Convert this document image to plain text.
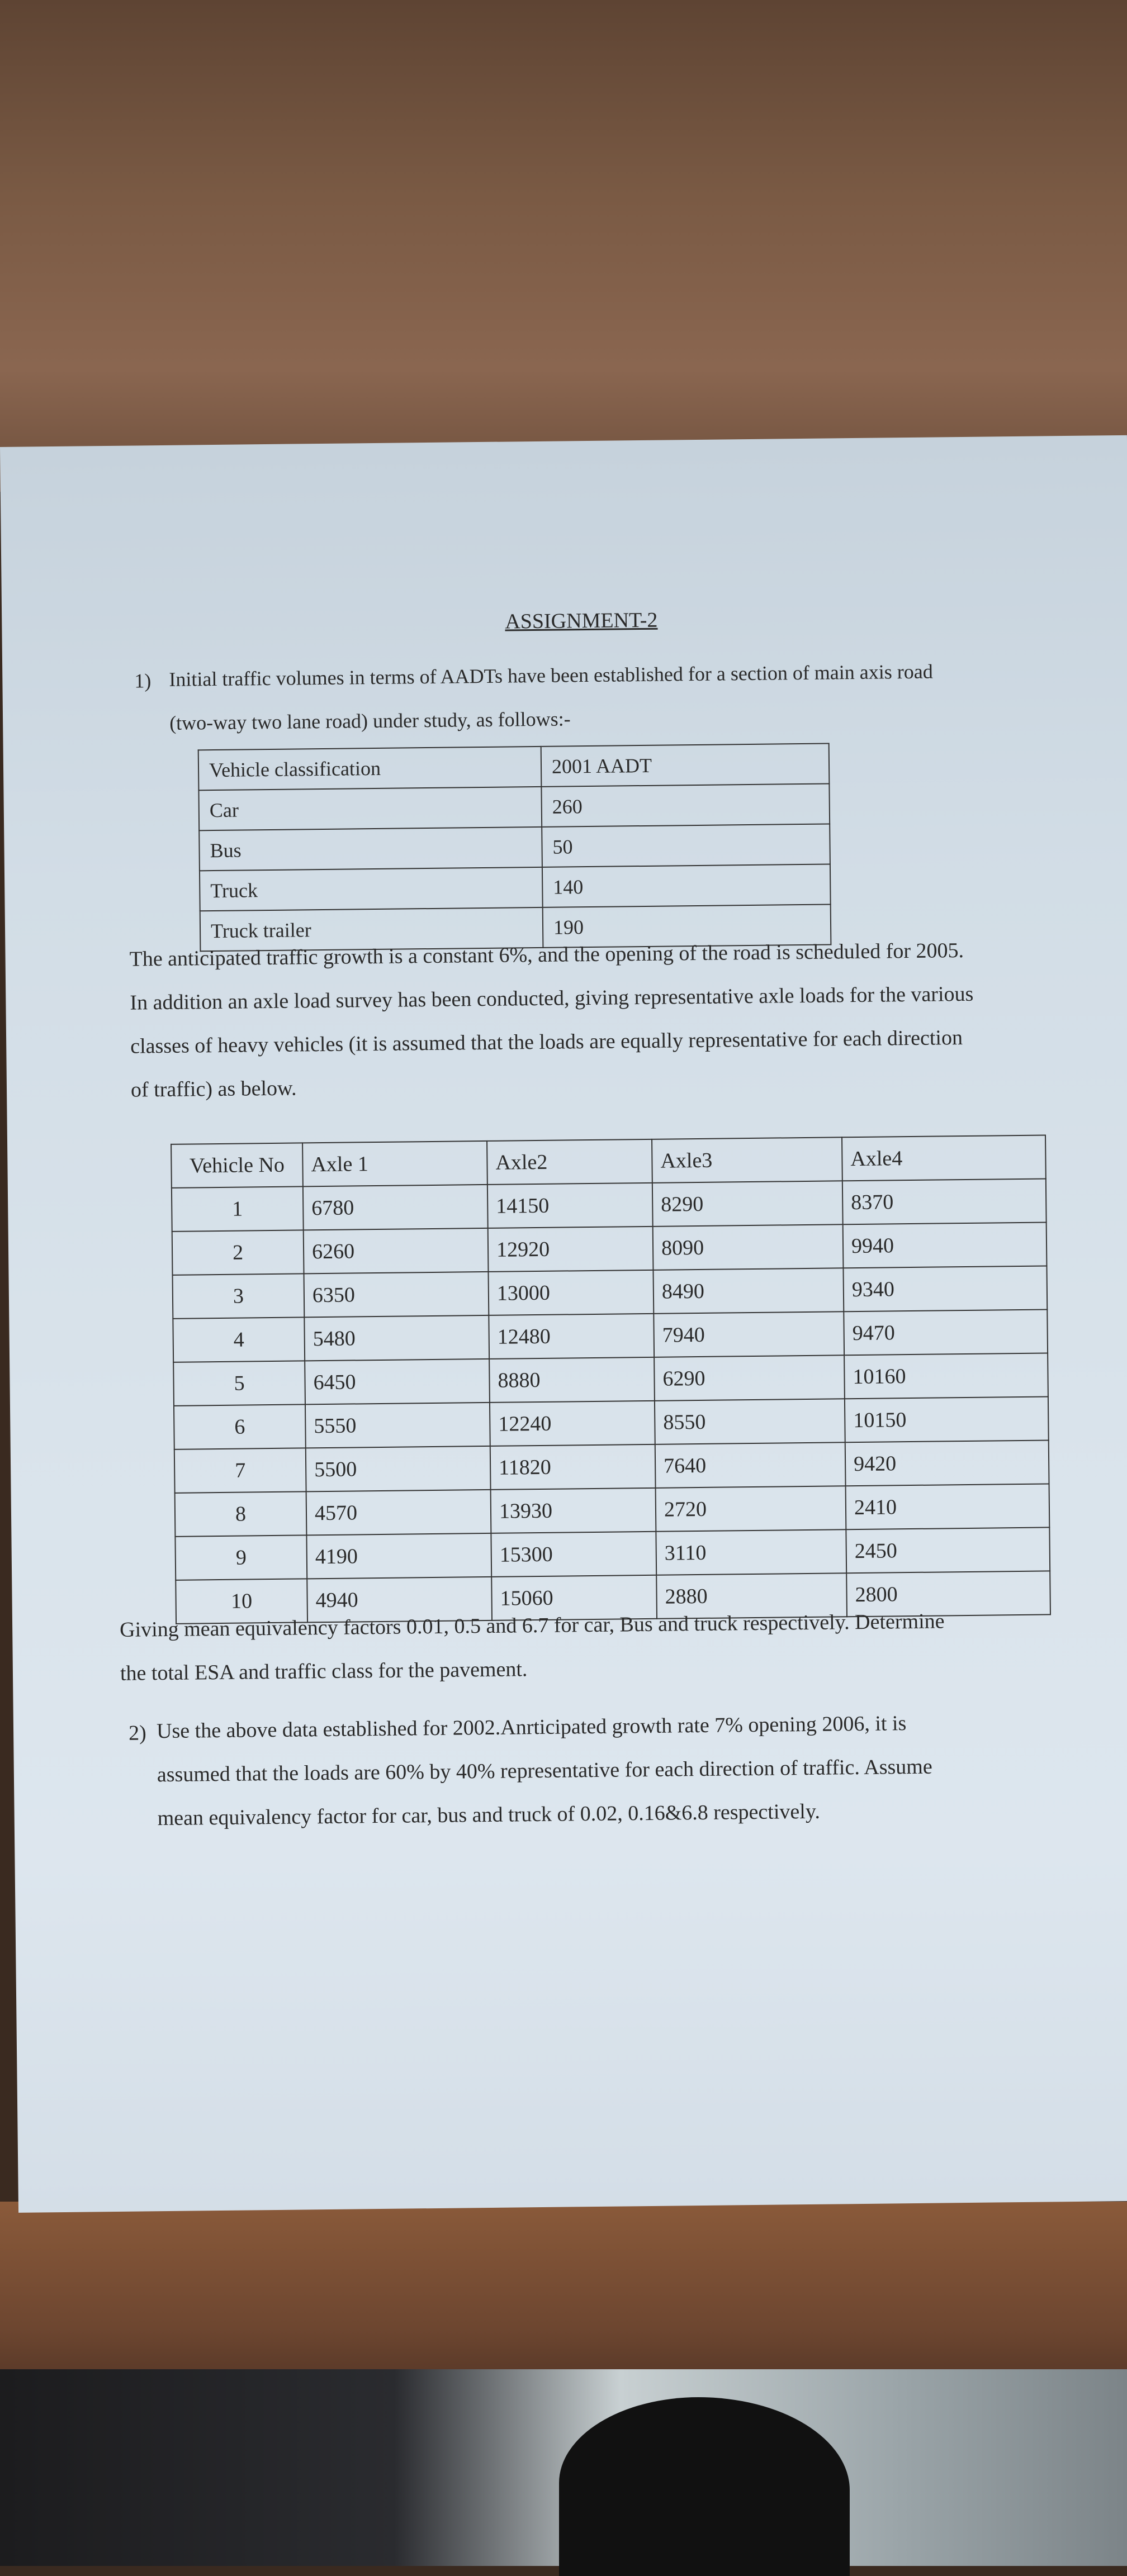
ASSIGNMENT-2
1) Initial traffic volumes in terms of AADTs have been established for a section of main axis road
(two-way two lane road) under study, as follows:-
Vehicle classification	2001 AADT
Car	260
Bus	50
Truck	140
Truck trailer	190
The anticipated traffic growth is a constant 6%, and the opening of the road is scheduled for 2005.
In addition an axle load survey has been conducted, giving representative axle loads for the various
classes of heavy vehicles (it is assumed that the loads are equally representative for each direction
of traffic) as below.
Vehicle No	Axle 1	Axle2	Axle3	Axle4
1	6780	14150	8290	8370
2	6260	12920	8090	9940
3	6350	13000	8490	9340
4	5480	12480	7940	9470
5	6450	8880	6290	10160
6	5550	12240	8550	10150
7	5500	11820	7640	9420
8	4570	13930	2720	2410
9	4190	15300	3110	2450
10	4940	15060	2880	2800
Giving mean equivalency factors 0.01, 0.5 and 6.7 for car, Bus and truck respectively. Determine
the total ESA and traffic class for the pavement.
2) Use the above data established for 2002.Anrticipated growth rate 7% opening 2006, it is
assumed that the loads are 60% by 40% representative for each direction of traffic. Assume
mean equivalency factor for car, bus and truck of 0.02, 0.16&6.8 respectively.
